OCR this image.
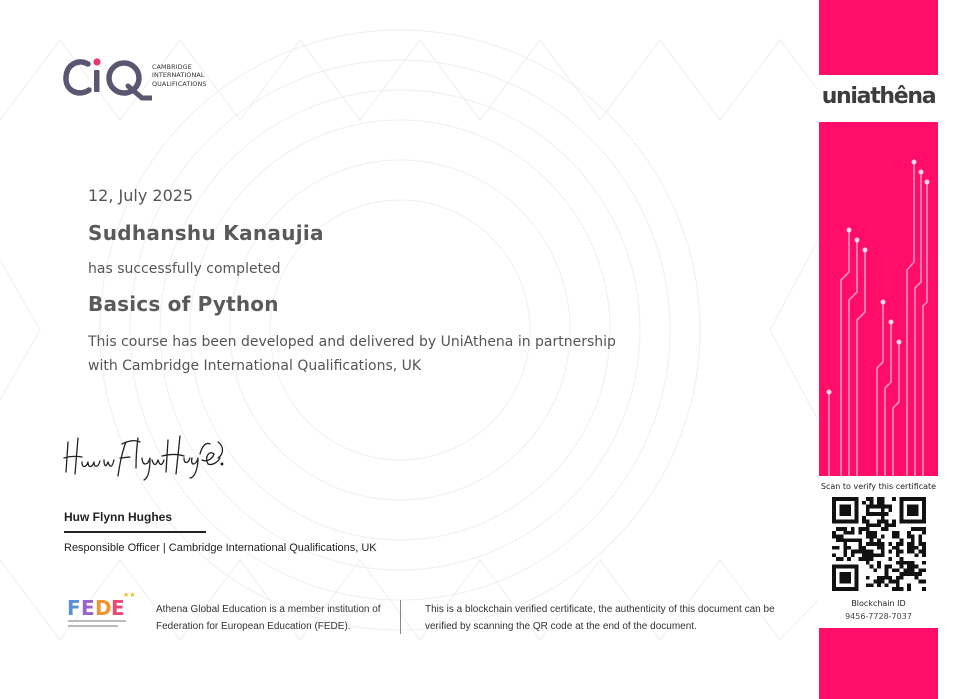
CAMBRIDGE
INTERNATIONAL
QUALIFICATIONS
12, July 2025
Sudhanshu Kanaujia
has successfully completed
Basics of Python
This course has been developed and delivered by UniAthena in partnership with Cambridge International Qualifications, UK
Huw Flynn Hughes
Responsible Officer | Cambridge International Qualifications, UK
F E D E
★★
Athena Global Education is a member institution of Federation for European Education (FEDE).
This is a blockchain verified certificate, the authenticity of this document can be verified by scanning the QR code at the end of the document.
uniathêna
Scan to verify this certificate
Blockchain ID
9456-7728-7037
